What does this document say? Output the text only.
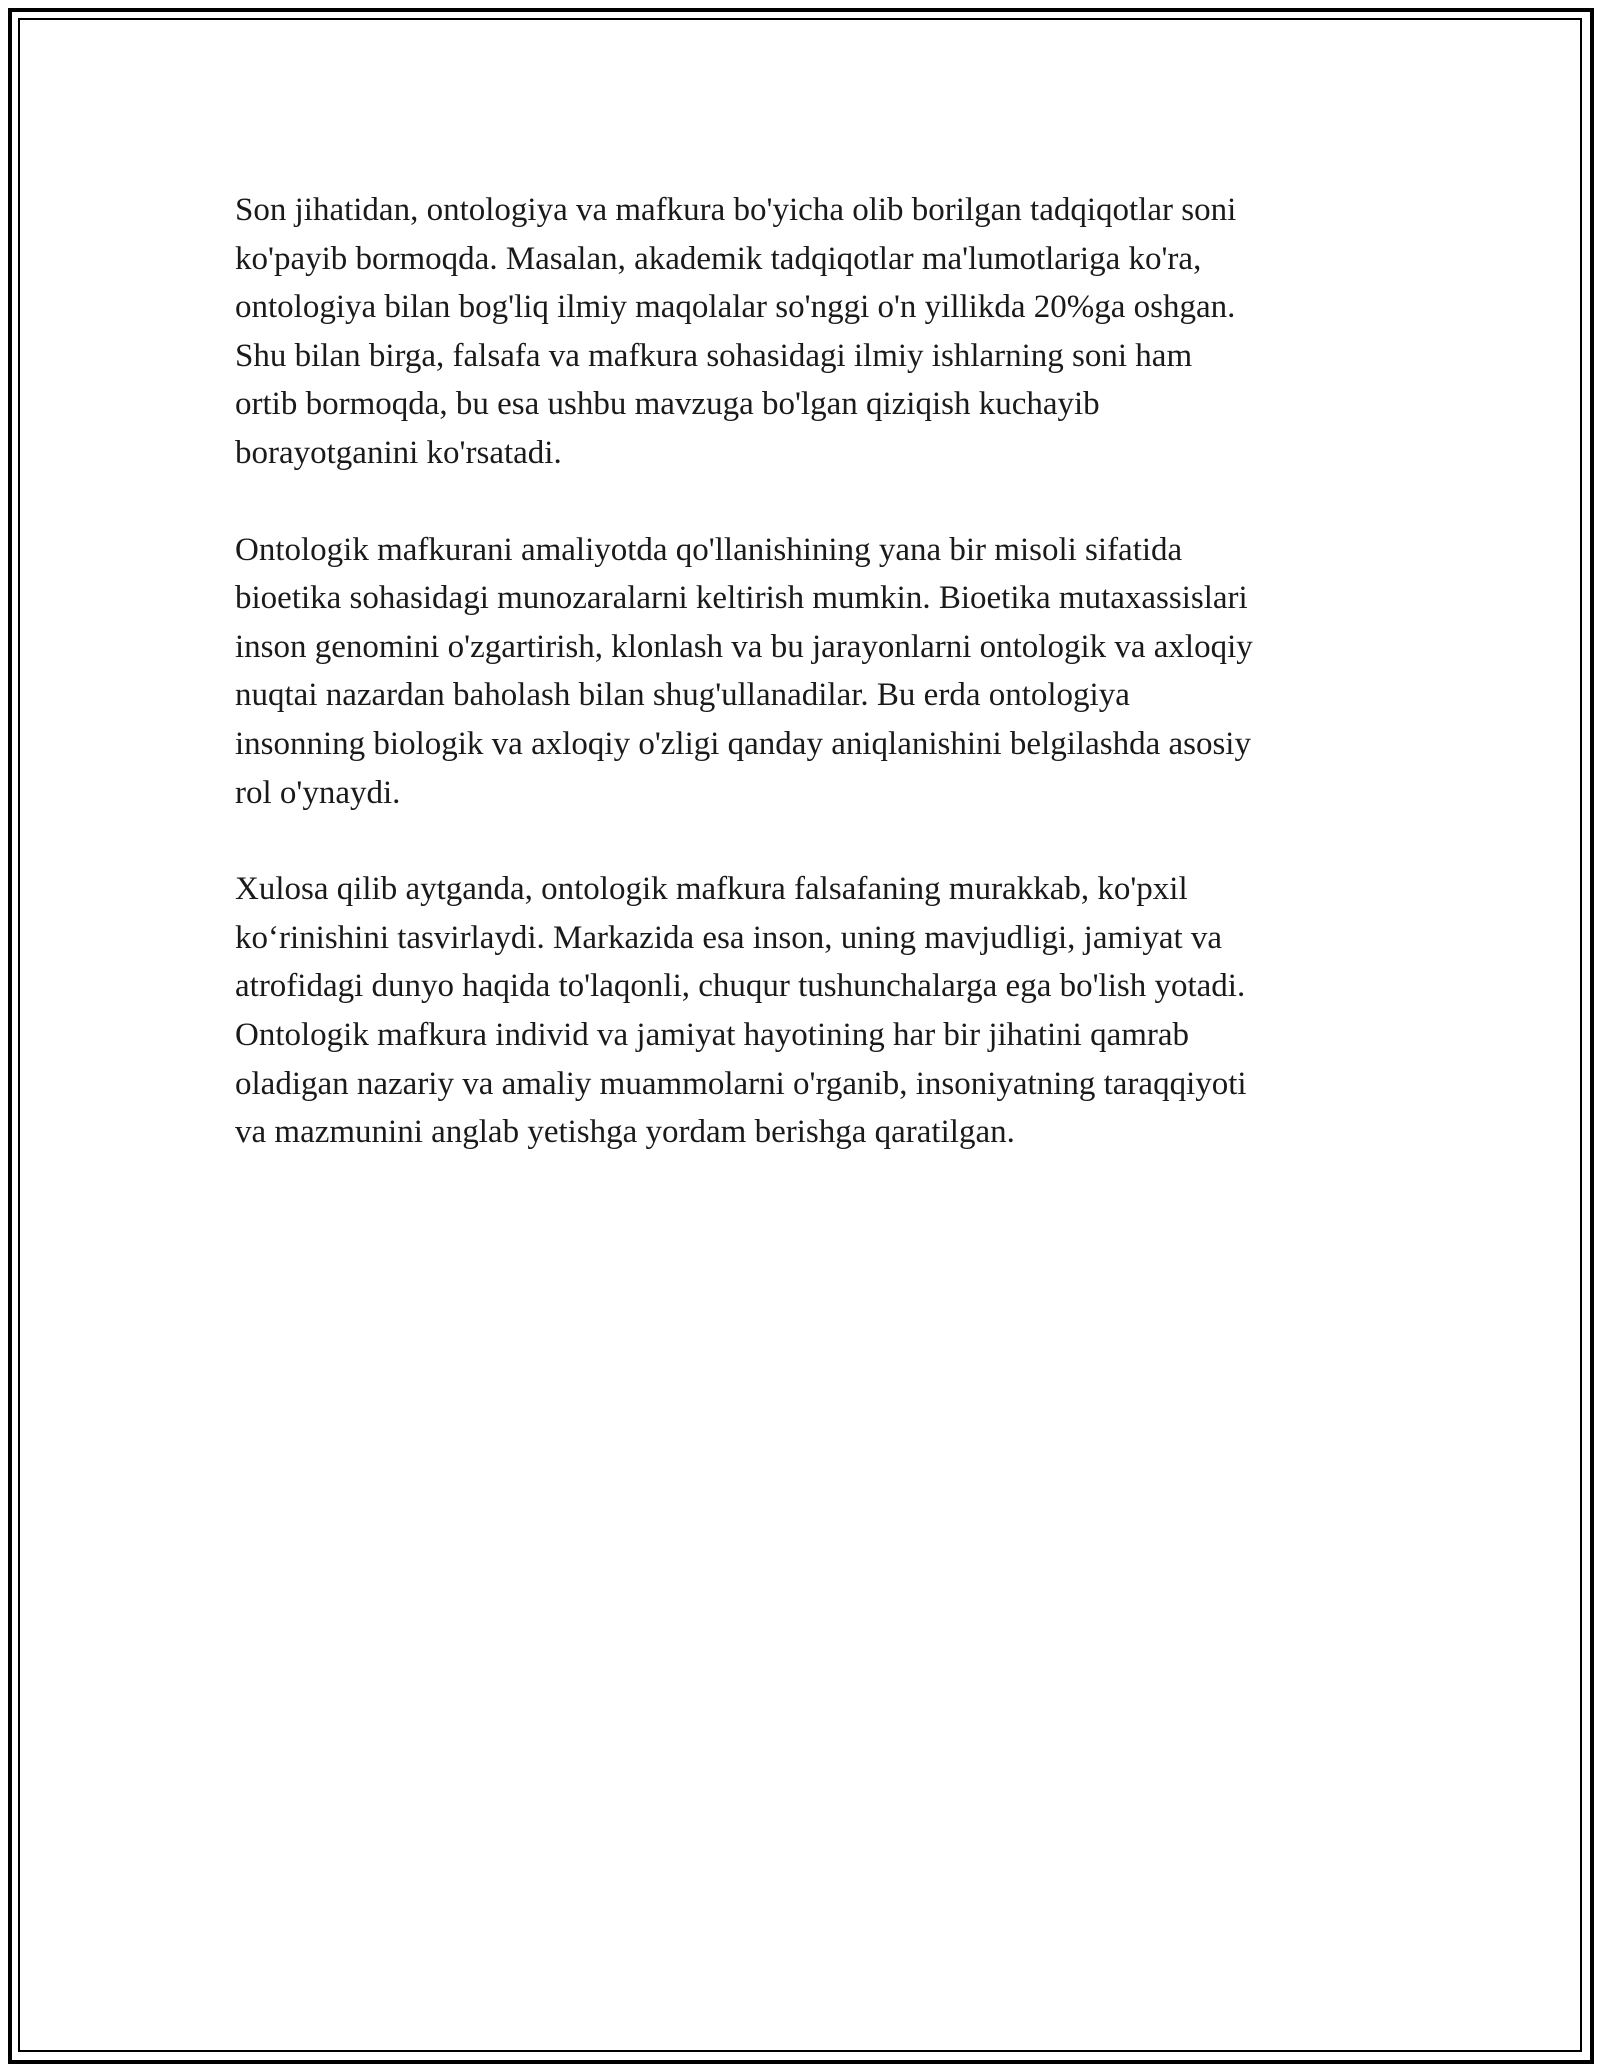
Son jihatidan, ontologiya va mafkura bo'yicha olib borilgan tadqiqotlar soni
ko'payib bormoqda. Masalan, akademik tadqiqotlar ma'lumotlariga ko'ra,
ontologiya bilan bog'liq ilmiy maqolalar so'nggi o'n yillikda 20%ga oshgan.
Shu bilan birga, falsafa va mafkura sohasidagi ilmiy ishlarning soni ham
ortib bormoqda, bu esa ushbu mavzuga bo'lgan qiziqish kuchayib
borayotganini ko'rsatadi.

Ontologik mafkurani amaliyotda qo'llanishining yana bir misoli sifatida
bioetika sohasidagi munozaralarni keltirish mumkin. Bioetika mutaxassislari
inson genomini o'zgartirish, klonlash va bu jarayonlarni ontologik va axloqiy
nuqtai nazardan baholash bilan shug'ullanadilar. Bu erda ontologiya
insonning biologik va axloqiy o'zligi qanday aniqlanishini belgilashda asosiy
rol o'ynaydi.

Xulosa qilib aytganda, ontologik mafkura falsafaning murakkab, ko'pxil
ko‘rinishini tasvirlaydi. Markazida esa inson, uning mavjudligi, jamiyat va
atrofidagi dunyo haqida to'laqonli, chuqur tushunchalarga ega bo'lish yotadi.
Ontologik mafkura individ va jamiyat hayotining har bir jihatini qamrab
oladigan nazariy va amaliy muammolarni o'rganib, insoniyatning taraqqiyoti
va mazmunini anglab yetishga yordam berishga qaratilgan.
